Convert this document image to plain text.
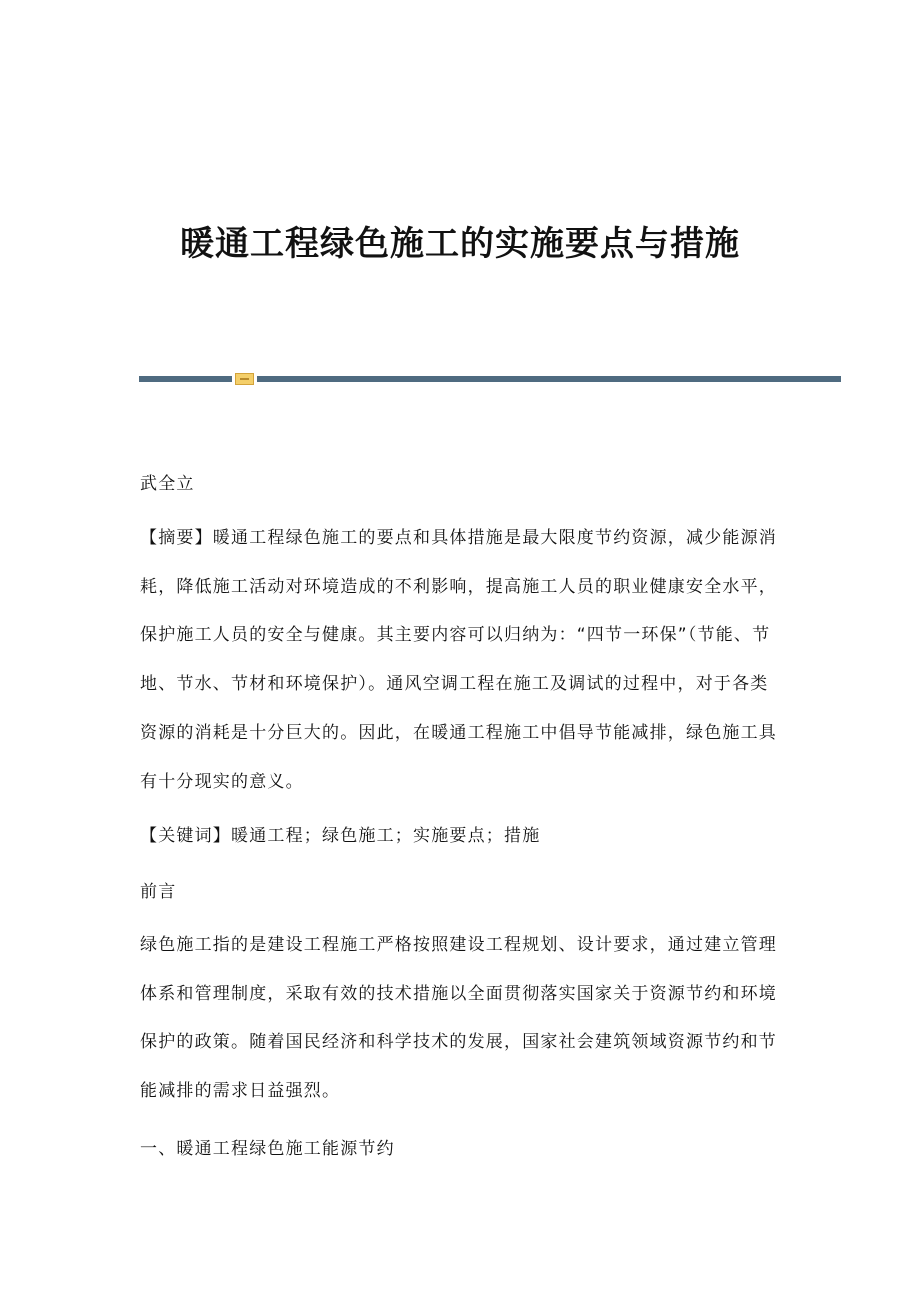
暖通工程绿色施工的实施要点与措施

武全立

【摘要】暖通工程绿色施工的要点和具体措施是最大限度节约资源，减少能源消耗，降低施工活动对环境造成的不利影响，提高施工人员的职业健康安全水平，保护施工人员的安全与健康。其主要内容可以归纳为：“四节一环保”（节能、节地、节水、节材和环境保护）。通风空调工程在施工及调试的过程中，对于各类资源的消耗是十分巨大的。因此，在暖通工程施工中倡导节能减排，绿色施工具有十分现实的意义。

【关键词】暖通工程；绿色施工；实施要点；措施

前言

绿色施工指的是建设工程施工严格按照建设工程规划、设计要求，通过建立管理体系和管理制度，采取有效的技术措施以全面贯彻落实国家关于资源节约和环境保护的政策。随着国民经济和科学技术的发展，国家社会建筑领域资源节约和节能减排的需求日益强烈。

一、暖通工程绿色施工能源节约
